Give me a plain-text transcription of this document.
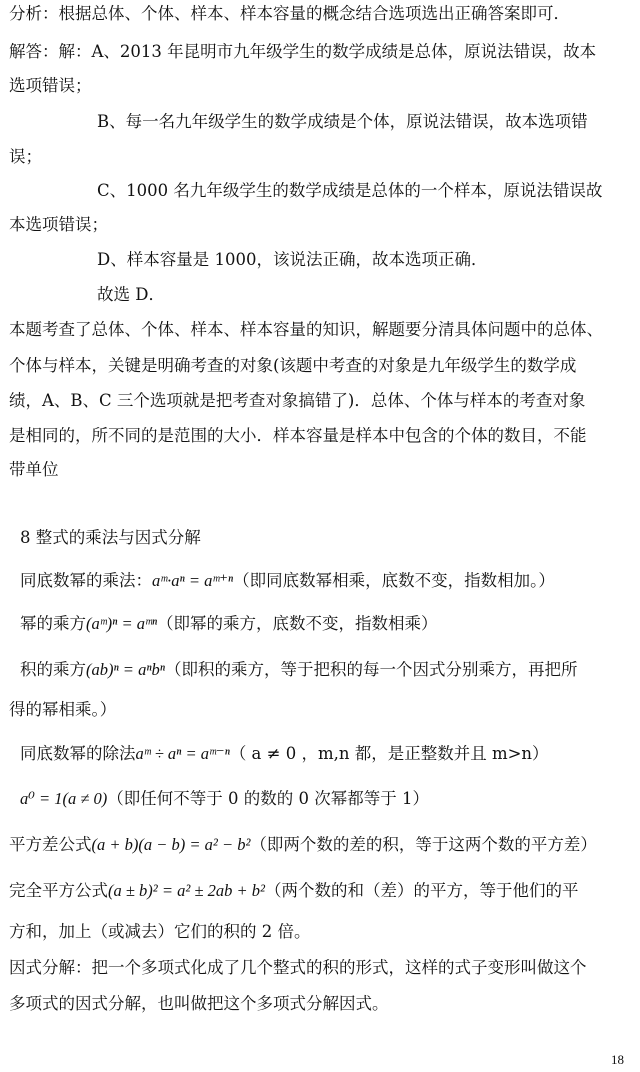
分析：根据总体、个体、样本、样本容量的概念结合选项选出正确答案即可．
解答：解：A、2013 年昆明市九年级学生的数学成绩是总体，原说法错误，故本
选项错误；
B、每一名九年级学生的数学成绩是个体，原说法错误，故本选项错
误；
C、1000 名九年级学生的数学成绩是总体的一个样本，原说法错误故
本选项错误；
D、样本容量是 1000，该说法正确，故本选项正确．
故选 D．
本题考查了总体、个体、样本、样本容量的知识，解题要分清具体问题中的总体、
个体与样本，关键是明确考查的对象(该题中考查的对象是九年级学生的数学成
绩，A、B、C 三个选项就是把考查对象搞错了)．总体、个体与样本的考查对象
是相同的，所不同的是范围的大小．样本容量是样本中包含的个体的数目，不能
带单位
8 整式的乘法与因式分解
同底数幂的乘法：aᵐ·aⁿ = aᵐ⁺ⁿ（即同底数幂相乘，底数不变，指数相加。）
幂的乘方(aᵐ)ⁿ = aᵐⁿ（即幂的乘方，底数不变，指数相乘）
积的乘方(ab)ⁿ = aⁿbⁿ（即积的乘方，等于把积的每一个因式分别乘方，再把所
得的幂相乘。）
同底数幂的除法aᵐ ÷ aⁿ = aᵐ⁻ⁿ（ a ≠ 0 ，m,n 都，是正整数并且 m>n）
a⁰ = 1(a ≠ 0)（即任何不等于 0 的数的 0 次幂都等于 1）
平方差公式(a + b)(a − b) = a² − b²（即两个数的差的积，等于这两个数的平方差）
完全平方公式(a ± b)² = a² ± 2ab + b²（两个数的和（差）的平方，等于他们的平
方和，加上（或减去）它们的积的 2 倍。
因式分解：把一个多项式化成了几个整式的积的形式，这样的式子变形叫做这个
多项式的因式分解，也叫做把这个多项式分解因式。
18
